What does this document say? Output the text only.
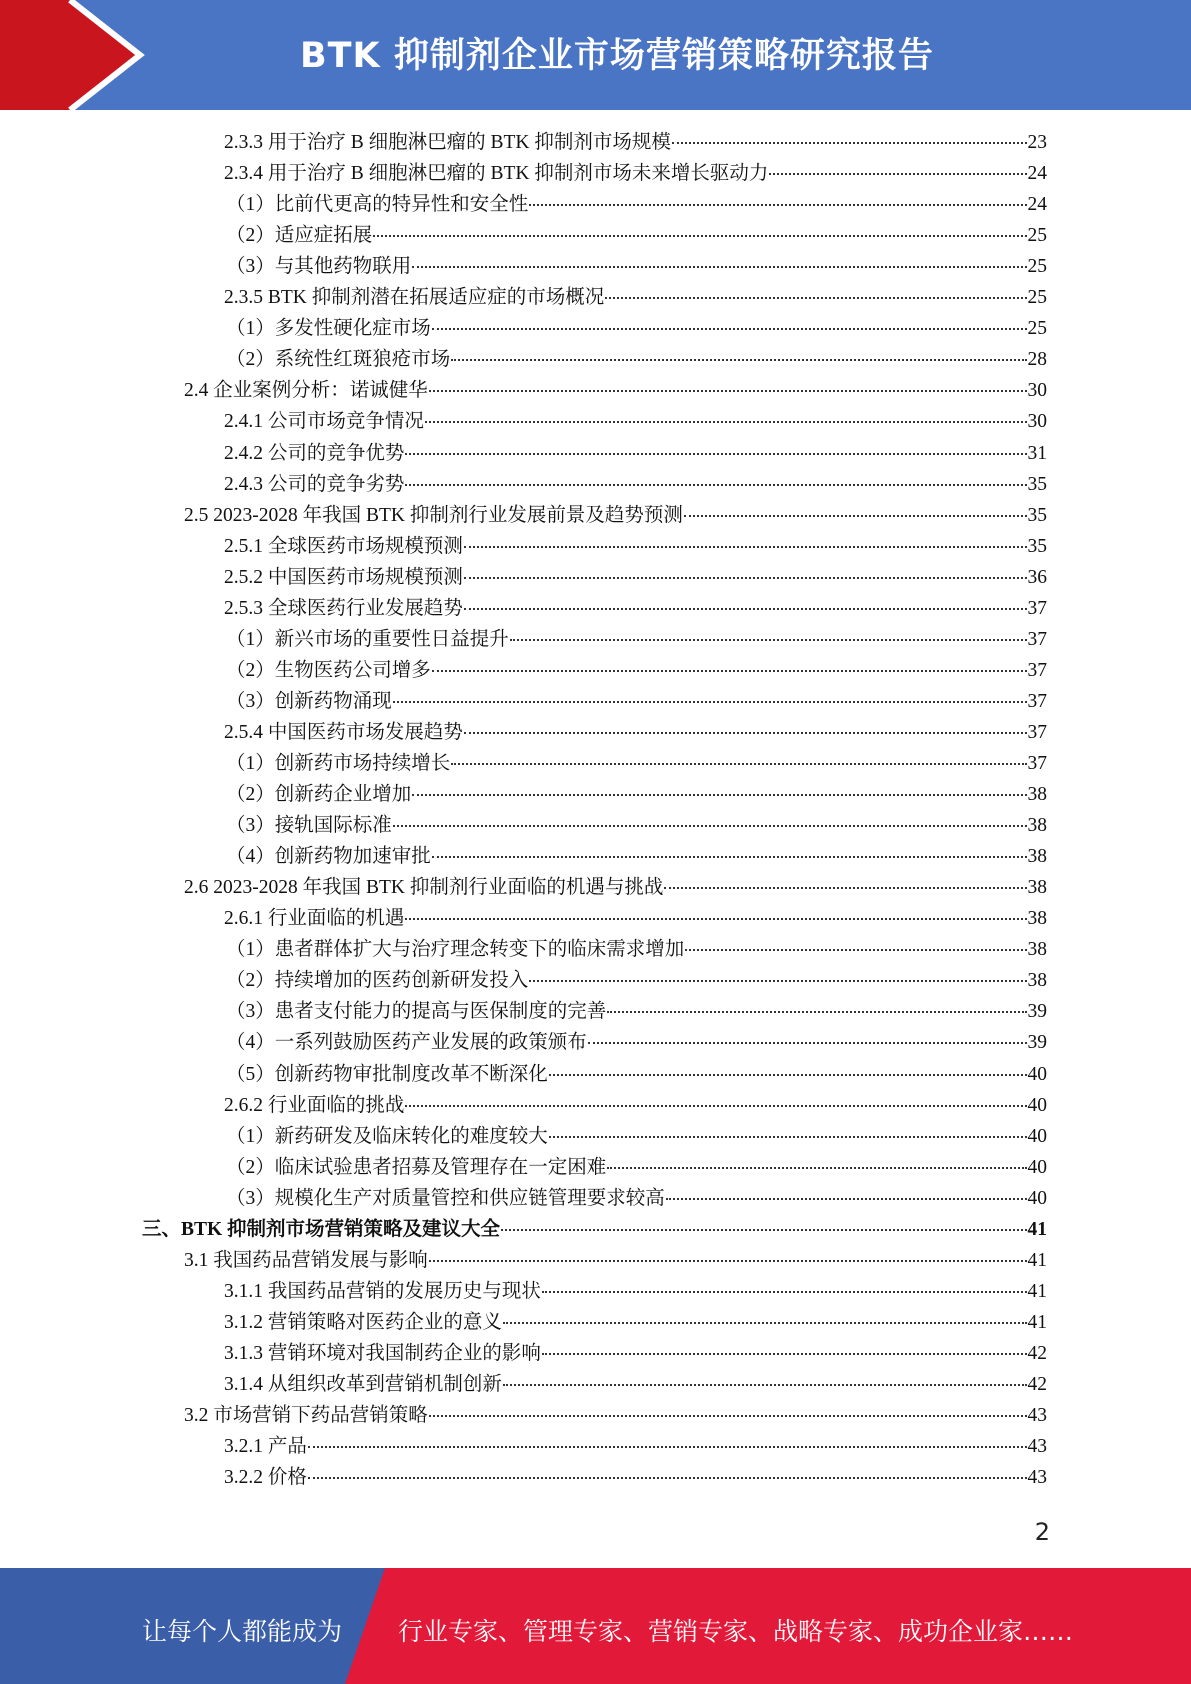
BTK 抑制剂企业市场营销策略研究报告
2.3.3 用于治疗 B 细胞淋巴瘤的 BTK 抑制剂市场规模	23
2.3.4 用于治疗 B 细胞淋巴瘤的 BTK 抑制剂市场未来增长驱动力	24
（1）比前代更高的特异性和安全性	24
（2）适应症拓展	25
（3）与其他药物联用	25
2.3.5 BTK 抑制剂潜在拓展适应症的市场概况	25
（1）多发性硬化症市场	25
（2）系统性红斑狼疮市场	28
2.4 企业案例分析：诺诚健华	30
2.4.1 公司市场竞争情况	30
2.4.2 公司的竞争优势	31
2.4.3 公司的竞争劣势	35
2.5 2023-2028 年我国 BTK 抑制剂行业发展前景及趋势预测	35
2.5.1 全球医药市场规模预测	35
2.5.2 中国医药市场规模预测	36
2.5.3 全球医药行业发展趋势	37
（1）新兴市场的重要性日益提升	37
（2）生物医药公司增多	37
（3）创新药物涌现	37
2.5.4 中国医药市场发展趋势	37
（1）创新药市场持续增长	37
（2）创新药企业增加	38
（3）接轨国际标准	38
（4）创新药物加速审批	38
2.6 2023-2028 年我国 BTK 抑制剂行业面临的机遇与挑战	38
2.6.1 行业面临的机遇	38
（1）患者群体扩大与治疗理念转变下的临床需求增加	38
（2）持续增加的医药创新研发投入	38
（3）患者支付能力的提高与医保制度的完善	39
（4）一系列鼓励医药产业发展的政策颁布	39
（5）创新药物审批制度改革不断深化	40
2.6.2 行业面临的挑战	40
（1）新药研发及临床转化的难度较大	40
（2）临床试验患者招募及管理存在一定困难	40
（3）规模化生产对质量管控和供应链管理要求较高	40
三、BTK 抑制剂市场营销策略及建议大全	41
3.1 我国药品营销发展与影响	41
3.1.1 我国药品营销的发展历史与现状	41
3.1.2 营销策略对医药企业的意义	41
3.1.3 营销环境对我国制药企业的影响	42
3.1.4 从组织改革到营销机制创新	42
3.2 市场营销下药品营销策略	43
3.2.1 产品	43
3.2.2 价格	43
2
让每个人都能成为 行业专家、管理专家、营销专家、战略专家、成功企业家……
